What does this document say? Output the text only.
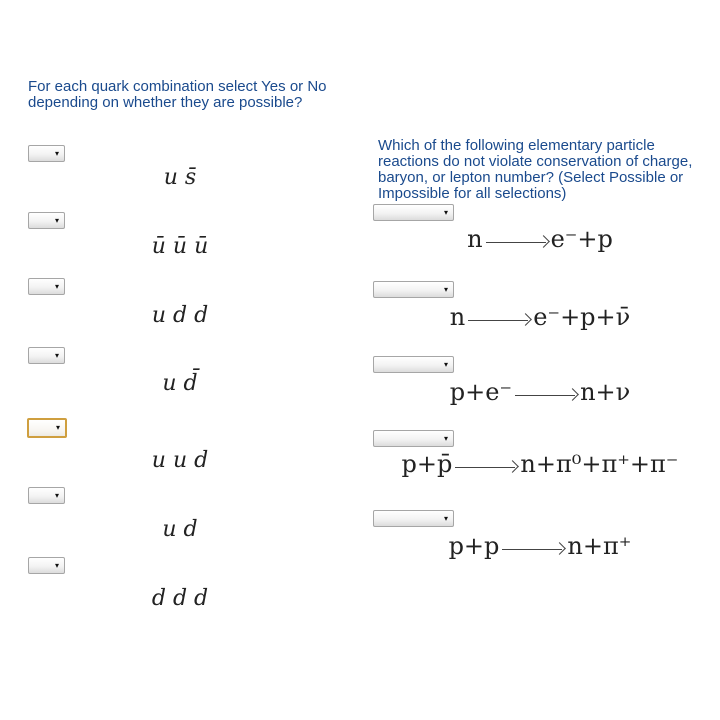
For each quark combination select Yes or No depending on whether they are possible?
▾
u s̄
▾
ū ū ū
▾
u d d
▾
u d̄
▾
u u d
▾
u d
▾
d d d
Which of the following elementary particle reactions do not violate conservation of charge, baryon, or lepton number? (Select Possible or Impossible for all selections)
▾
n	e⁻+p
▾
n	e⁻+p+ν̄
▾
p+e⁻	n+ν
▾
p+p̄	n+π⁰+π⁺+π⁻
▾
p+p	n+π⁺
